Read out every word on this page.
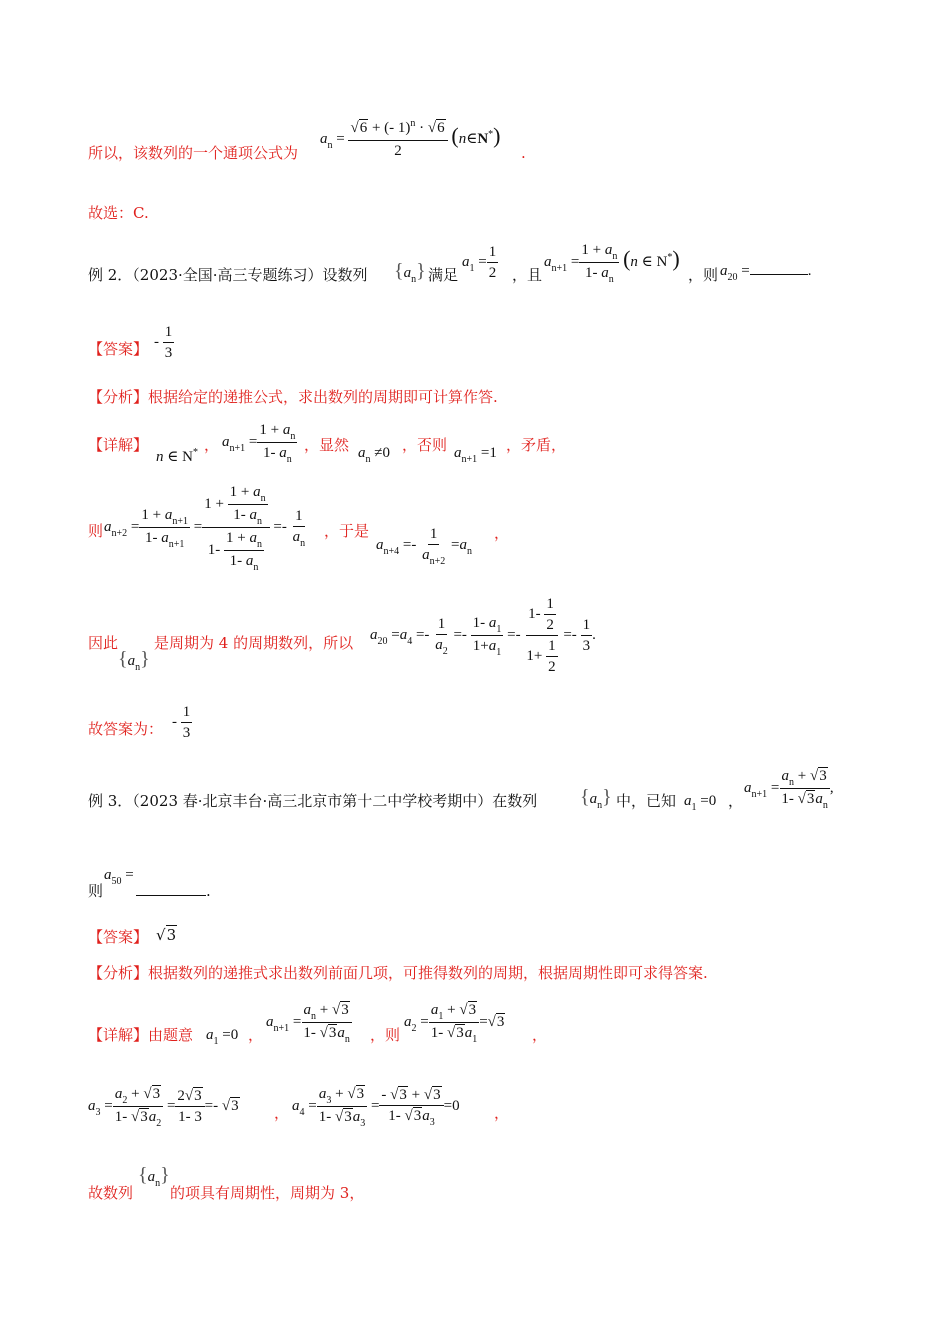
所以，该数列的一个通项公式为
$a_n = \frac{√6 + (- 1)^n \cdot √6}{2}$ (n∈N*)
.
故选：C.
例 2．（2023·全国·高三专题练习）设数列 $\{a_n\}$ 满足
$a_1 = \frac{1}{2}$ ，且
$a_{n+1} = \frac{1 + a_n}{1- a_n} (n$ ∈ N*)
，则 $a_{20}$ =	.
【答案】 - $\frac{1}{3}$
【分析】根据给定的递推公式，求出数列的周期即可计算作答.
【详解】
n ∈ N* ， $a_{n+1} = \frac{1 + a_n}{1- a_n}$ ，显然 $a_n \ne 0$ ，否则 $a_{n+1} =1$ ，矛盾，
则 $a_{n+2} = \frac{1 + a_{n+1}}{1- a_{n+1}} = \frac{1 + \frac{1 + a_n}{1- a_n}}{1- \frac{1 + a_n}{1- a_n}} =- \frac{1}{a_n}$ ，于是
$a_{n+4} =- \frac{1}{a_{n+2}} =a_n$
，
因此
$\{a_n\}$
是周期为 4 的周期数列，所以 $a_{20} =a_4 =- \frac{1}{a_2} =- \frac{1- a_1}{1+a_1} =- \frac{1- \frac{1}{2}}{1+ \frac{1}{2}} =- \frac{1}{3}$ .
故答案为： - $\frac{1}{3}$
例 3．（2023 春·北京丰台·高三北京市第十二中学校考期中）在数列 $\{a_n\}$ 中，已知 $a_1 =0$ ，
$a_{n+1} = \frac{a_n + √3}{1- √3a_n}$ ,
$a_{50}$ =
则	.
【答案】 √3
【分析】根据数列的递推式求出数列前面几项，可推得数列的周期，根据周期性即可求得答案.
【详解】由题意 $a_1 =0$ ，
$a_{n+1} = \frac{a_n + √3}{1- √3a_n}$ ，则
$a_2 = \frac{a_1 + √3}{1- √3a_1} =√3$
，
$a_3 = \frac{a_2 + √3}{1- √3a_2} = \frac{2√3}{1- 3} =- √3$ ， $a_4 = \frac{a_3 + √3}{1- √3a_3} = \frac{- √3 + √3}{1- √3a_3} =0$ ，
故数列
$\{a_n\}$
的项具有周期性，周期为 3，
